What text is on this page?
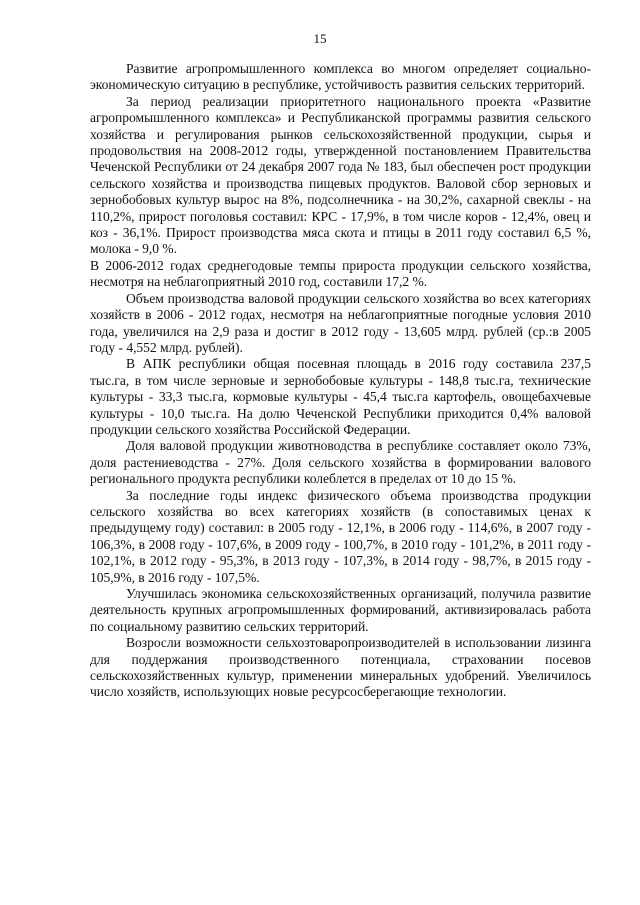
15

Развитие агропромышленного комплекса во многом определяет социально-экономическую ситуацию в республике, устойчивость развития сельских территорий.

За период реализации приоритетного национального проекта «Развитие агропромышленного комплекса» и Республиканской программы развития сельского хозяйства и регулирования рынков сельскохозяйственной продукции, сырья и продовольствия на 2008-2012 годы, утвержденной постановлением Правительства Чеченской Республики от 24 декабря 2007 года № 183, был обеспечен рост продукции сельского хозяйства и производства пищевых продуктов. Валовой сбор зерновых и зернобобовых культур вырос на 8%, подсолнечника - на 30,2%, сахарной свеклы - на 110,2%, прирост поголовья составил: КРС - 17,9%, в том числе коров - 12,4%, овец и коз - 36,1%. Прирост производства мяса скота и птицы в 2011 году составил 6,5 %, молока - 9,0 %.

В 2006-2012 годах среднегодовые темпы прироста продукции сельского хозяйства, несмотря на неблагоприятный 2010 год, составили 17,2 %.

Объем производства валовой продукции сельского хозяйства во всех категориях хозяйств в 2006 - 2012 годах, несмотря на неблагоприятные погодные условия 2010 года, увеличился на 2,9 раза и достиг в 2012 году - 13,605 млрд. рублей (ср.:в 2005 году - 4,552 млрд. рублей).

В АПК республики общая посевная площадь в 2016 году составила 237,5 тыс.га, в том числе зерновые и зернобобовые культуры - 148,8 тыс.га, технические культуры - 33,3 тыс.га, кормовые культуры - 45,4 тыс.га картофель, овощебахчевые культуры - 10,0 тыс.га. На долю Чеченской Республики приходится 0,4% валовой продукции сельского хозяйства Российской Федерации.

Доля валовой продукции животноводства в республике составляет около 73%, доля растениеводства - 27%. Доля сельского хозяйства в формировании валового регионального продукта республики колеблется в пределах от 10 до 15 %.

За последние годы индекс физического объема производства продукции сельского хозяйства во всех категориях хозяйств (в сопоставимых ценах к предыдущему году) составил: в 2005 году - 12,1%, в 2006 году - 114,6%, в 2007 году - 106,3%, в 2008 году - 107,6%, в 2009 году - 100,7%, в 2010 году - 101,2%, в 2011 году - 102,1%, в 2012 году - 95,3%, в 2013 году - 107,3%, в 2014 году - 98,7%, в 2015 году - 105,9%, в 2016 году - 107,5%.

Улучшилась экономика сельскохозяйственных организаций, получила развитие деятельность крупных агропромышленных формирований, активизировалась работа по социальному развитию сельских территорий.

Возросли возможности сельхозтоваропроизводителей в использовании лизинга для поддержания производственного потенциала, страховании посевов сельскохозяйственных культур, применении минеральных удобрений. Увеличилось число хозяйств, использующих новые ресурсосберегающие технологии.
